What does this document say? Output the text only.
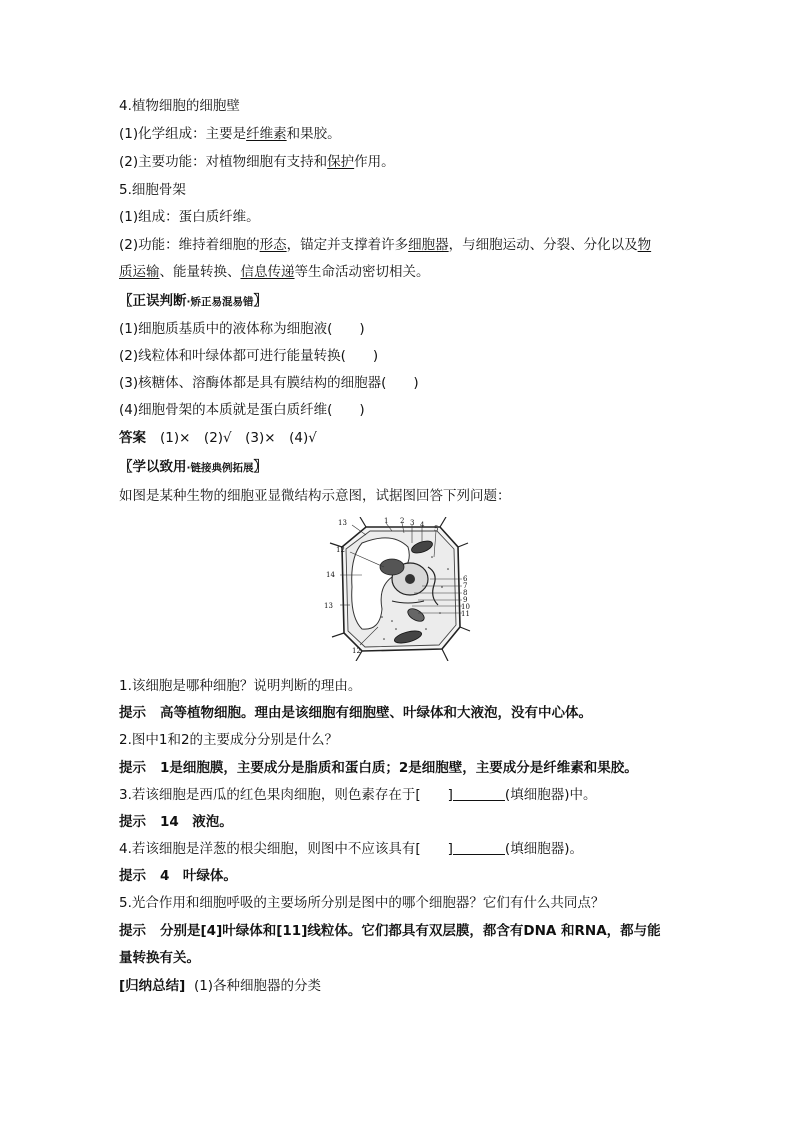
4.植物细胞的细胞壁
(1)化学组成：主要是纤维素和果胶。
(2)主要功能：对植物细胞有支持和保护作用。
5.细胞骨架
(1)组成：蛋白质纤维。
(2)功能：维持着细胞的形态，锚定并支撑着许多细胞器，与细胞运动、分裂、分化以及物
质运输、能量转换、信息传递等生命活动密切相关。
〖正误判断·矫正易混易错〗
(1)细胞质基质中的液体称为细胞液(　　)
(2)线粒体和叶绿体都可进行能量转换(　　)
(3)核糖体、溶酶体都是具有膜结构的细胞器(　　)
(4)细胞骨架的本质就是蛋白质纤维(　　)
答案 (1)×　(2)√　(3)×　(4)√
〖学以致用·链接典例拓展〗
如图是某种生物的细胞亚显微结构示意图，试据图回答下列问题：
1 2 3 4 5
6
7
8
9
10
11
12
13
14
13
12
1.该细胞是哪种细胞？说明判断的理由。
提示 高等植物细胞。理由是该细胞有细胞壁、叶绿体和大液泡，没有中心体。
2.图中1和2的主要成分分别是什么？
提示 1是细胞膜，主要成分是脂质和蛋白质；2是细胞壁，主要成分是纤维素和果胶。
3.若该细胞是西瓜的红色果肉细胞，则色素存在于[　　]	(填细胞器)中。
提示 14　液泡。
4.若该细胞是洋葱的根尖细胞，则图中不应该具有[　　]	(填细胞器)。
提示 4　叶绿体。
5.光合作用和细胞呼吸的主要场所分别是图中的哪个细胞器？它们有什么共同点？
提示 分别是[4]叶绿体和[11]线粒体。它们都具有双层膜，都含有DNA 和RNA，都与能
量转换有关。
[归纳总结] (1)各种细胞器的分类
